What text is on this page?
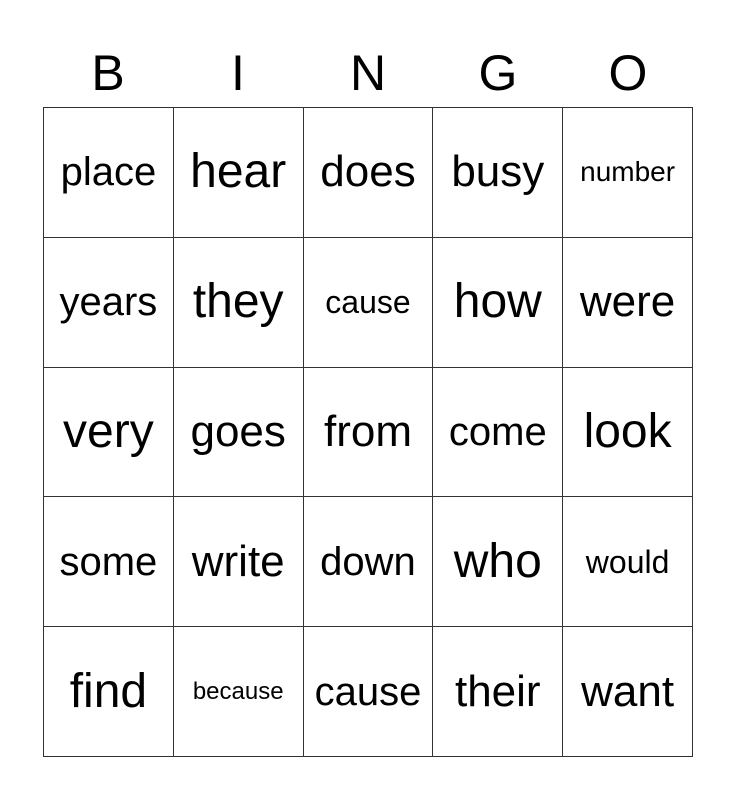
B	I	N	G	O
place hear does busy number
years they cause how were
very goes from come look
some write down who would
find because cause their want
